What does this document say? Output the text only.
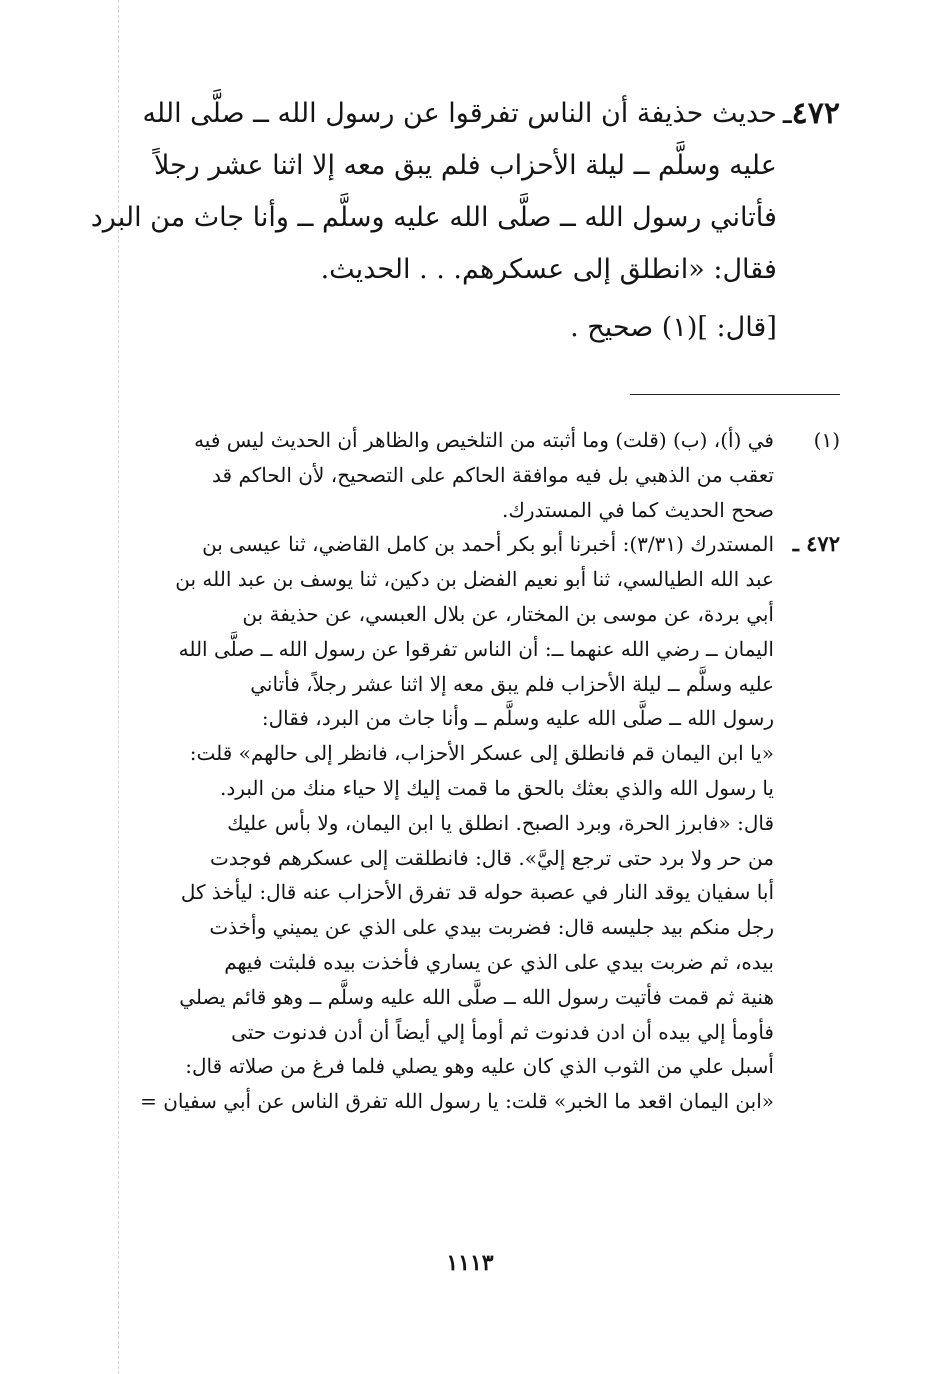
٤٧٢ـ
حديث حذيفة أن الناس تفرقوا عن رسول الله ــ صلَّى الله
عليه وسلَّم ــ ليلة الأحزاب فلم يبق معه إلا اثنا عشر رجلاً
فأتاني رسول الله ــ صلَّى الله عليه وسلَّم ــ وأنا جاث من البرد
فقال: «انطلق إلى عسكرهم. . . الحديث.
[قال: ](١) صحيح .
(١)
في (أ)، (ب) (قلت) وما أثبته من التلخيص والظاهر أن الحديث ليس فيه
تعقب من الذهبي بل فيه موافقة الحاكم على التصحيح، لأن الحاكم قد
صحح الحديث كما في المستدرك.
٤٧٢ ـ
المستدرك (٣/٣١): أخبرنا أبو بكر أحمد بن كامل القاضي، ثنا عيسى بن
عبد الله الطيالسي، ثنا أبو نعيم الفضل بن دكين، ثنا يوسف بن عبد الله بن
أبي بردة، عن موسى بن المختار، عن بلال العبسي، عن حذيفة بن
اليمان ــ رضي الله عنهما ــ: أن الناس تفرقوا عن رسول الله ــ صلَّى الله
عليه وسلَّم ــ ليلة الأحزاب فلم يبق معه إلا اثنا عشر رجلاً، فأتاني
رسول الله ــ صلَّى الله عليه وسلَّم ــ وأنا جاث من البرد، فقال:
«يا ابن اليمان قم فانطلق إلى عسكر الأحزاب، فانظر إلى حالهم» قلت:
يا رسول الله والذي بعثك بالحق ما قمت إليك إلا حياء منك من البرد.
قال: «فابرز الحرة، وبرد الصبح. انطلق يا ابن اليمان، ولا بأس عليك
من حر ولا برد حتى ترجع إليَّ». قال: فانطلقت إلى عسكرهم فوجدت
أبا سفيان يوقد النار في عصبة حوله قد تفرق الأحزاب عنه قال: ليأخذ كل
رجل منكم بيد جليسه قال: فضربت بيدي على الذي عن يميني وأخذت
بيده، ثم ضربت بيدي على الذي عن يساري فأخذت بيده فلبثت فيهم
هنية ثم قمت فأتيت رسول الله ــ صلَّى الله عليه وسلَّم ــ وهو قائم يصلي
فأومأ إلي بيده أن ادن فدنوت ثم أومأ إلي أيضاً أن أدن فدنوت حتى
أسبل علي من الثوب الذي كان عليه وهو يصلي فلما فرغ من صلاته قال:
«ابن اليمان اقعد ما الخبر» قلت: يا رسول الله تفرق الناس عن أبي سفيان =
١١١٣
